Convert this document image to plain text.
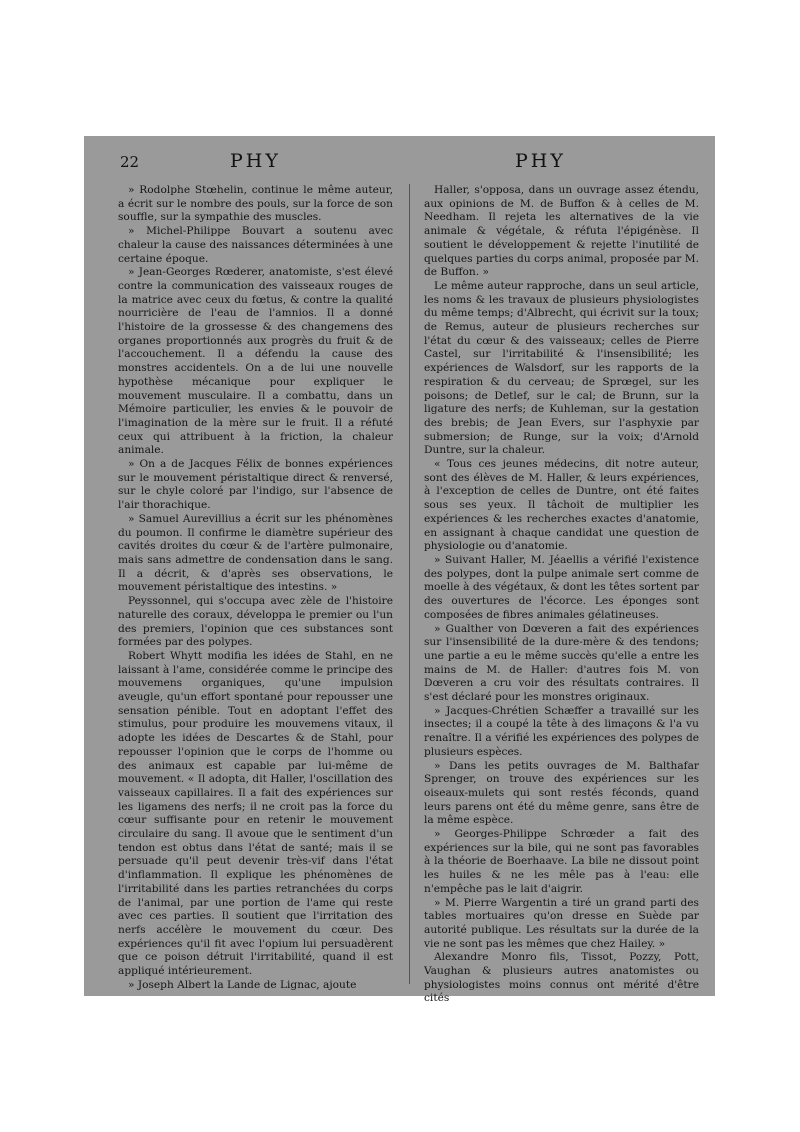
22	PHY	PHY

» Rodolphe Stœhelin, continue le même auteur, a écrit sur le nombre des pouls, sur la force de son souffle, sur la sympathie des muscles.

» Michel-Philippe Bouvart a soutenu avec chaleur la cause des naissances déterminées à une certaine époque.

» Jean-Georges Rœderer, anatomiste, s'est élevé contre la communication des vaisseaux rouges de la matrice avec ceux du fœtus, & contre la qualité nourricière de l'eau de l'amnios. Il a donné l'histoire de la grossesse & des changemens des organes proportionnés aux progrès du fruit & de l'accouchement. Il a défendu la cause des monstres accidentels. On a de lui une nouvelle hypothèse mécanique pour expliquer le mouvement musculaire. Il a combattu, dans un Mémoire particulier, les envies & le pouvoir de l'imagination de la mère sur le fruit. Il a réfuté ceux qui attribuent à la friction, la chaleur animale.

» On a de Jacques Félix de bonnes expériences sur le mouvement péristaltique direct & renversé, sur le chyle coloré par l'indigo, sur l'absence de l'air thorachique.

» Samuel Aurevillius a écrit sur les phénomènes du poumon. Il confirme le diamètre supérieur des cavités droites du cœur & de l'artère pulmonaire, mais sans admettre de condensation dans le sang. Il a décrit, & d'après ses observations, le mouvement péristaltique des intestins. »

Peyssonnel, qui s'occupa avec zèle de l'histoire naturelle des coraux, développa le premier ou l'un des premiers, l'opinion que ces substances sont formées par des polypes.

Robert Whytt modifia les idées de Stahl, en ne laissant à l'ame, considérée comme le principe des mouvemens organiques, qu'une impulsion aveugle, qu'un effort spontané pour repousser une sensation pénible. Tout en adoptant l'effet des stimulus, pour produire les mouvemens vitaux, il adopte les idées de Descartes & de Stahl, pour repousser l'opinion que le corps de l'homme ou des animaux est capable par lui-même de mouvement. « Il adopta, dit Haller, l'oscillation des vaisseaux capillaires. Il a fait des expériences sur les ligamens des nerfs; il ne croit pas la force du cœur suffisante pour en retenir le mouvement circulaire du sang. Il avoue que le sentiment d'un tendon est obtus dans l'état de santé; mais il se persuade qu'il peut devenir très-vif dans l'état d'inflammation. Il explique les phénomènes de l'irritabilité dans les parties retranchées du corps de l'animal, par une portion de l'ame qui reste avec ces parties. Il soutient que l'irritation des nerfs accélère le mouvement du cœur. Des expériences qu'il fit avec l'opium lui persuadèrent que ce poison détruit l'irritabilité, quand il est appliqué intérieurement.

» Joseph Albert la Lande de Lignac, ajoute

Haller, s'opposa, dans un ouvrage assez étendu, aux opinions de M. de Buffon & à celles de M. Needham. Il rejeta les alternatives de la vie animale & végétale, & réfuta l'épigénèse. Il soutient le développement & rejette l'inutilité de quelques parties du corps animal, proposée par M. de Buffon. »

Le même auteur rapproche, dans un seul article, les noms & les travaux de plusieurs physiologistes du même temps; d'Albrecht, qui écrivit sur la toux; de Remus, auteur de plusieurs recherches sur l'état du cœur & des vaisseaux; celles de Pierre Castel, sur l'irritabilité & l'insensibilité; les expériences de Walsdorf, sur les rapports de la respiration & du cerveau; de Sprœgel, sur les poisons; de Detlef, sur le cal; de Brunn, sur la ligature des nerfs; de Kuhleman, sur la gestation des brebis; de Jean Evers, sur l'asphyxie par submersion; de Runge, sur la voix; d'Arnold Duntre, sur la chaleur.

« Tous ces jeunes médecins, dit notre auteur, sont des élèves de M. Haller, & leurs expériences, à l'exception de celles de Duntre, ont été faites sous ses yeux. Il tâchoit de multiplier les expériences & les recherches exactes d'anatomie, en assignant à chaque candidat une question de physiologie ou d'anatomie.

» Suivant Haller, M. Jéaellis a vérifié l'existence des polypes, dont la pulpe animale sert comme de moelle à des végétaux, & dont les têtes sortent par des ouvertures de l'écorce. Les éponges sont composées de fibres animales gélatineuses.

» Gualther von Dœveren a fait des expériences sur l'insensibilité de la dure-mère & des tendons; une partie a eu le même succès qu'elle a entre les mains de M. de Haller: d'autres fois M. von Dœveren a cru voir des résultats contraires. Il s'est déclaré pour les monstres originaux.

» Jacques-Chrétien Schæffer a travaillé sur les insectes; il a coupé la tête à des limaçons & l'a vu renaître. Il a vérifié les expériences des polypes de plusieurs espèces.

» Dans les petits ouvrages de M. Balthafar Sprenger, on trouve des expériences sur les oiseaux-mulets qui sont restés féconds, quand leurs parens ont été du même genre, sans être de la même espèce.

» Georges-Philippe Schrœder a fait des expériences sur la bile, qui ne sont pas favorables à la théorie de Boerhaave. La bile ne dissout point les huiles & ne les mêle pas à l'eau: elle n'empêche pas le lait d'aigrir.

» M. Pierre Wargentin a tiré un grand parti des tables mortuaires qu'on dresse en Suède par autorité publique. Les résultats sur la durée de la vie ne sont pas les mêmes que chez Hailey. »

Alexandre Monro fils, Tissot, Pozzy, Pott, Vaughan & plusieurs autres anatomistes ou physiologistes moins connus ont mérité d'être cités
